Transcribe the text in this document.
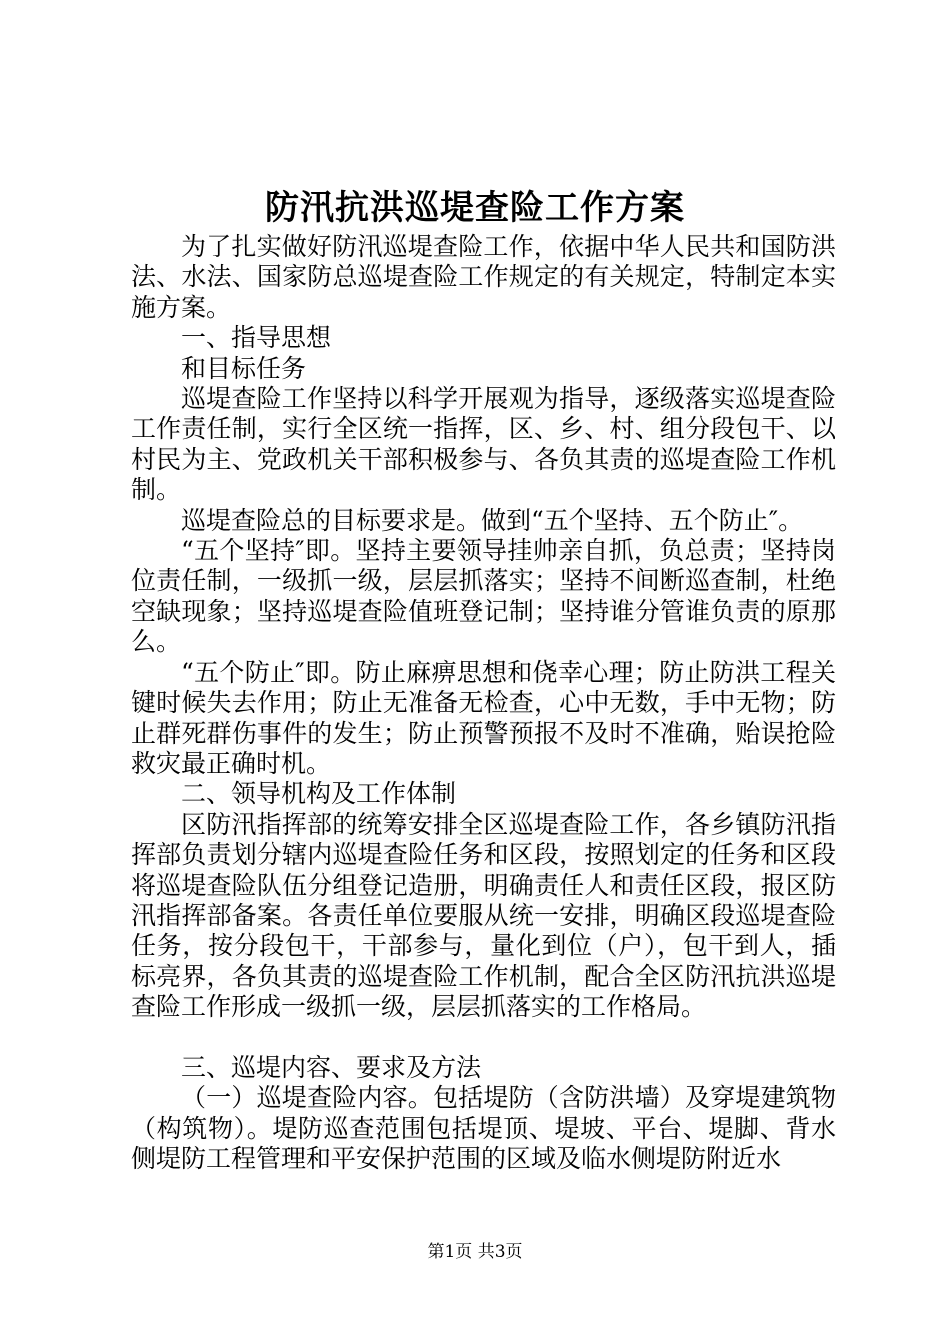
防汛抗洪巡堤查险工作方案

为了扎实做好防汛巡堤查险工作，依据中华人民共和国防洪法、水法、国家防总巡堤查险工作规定的有关规定，特制定本实施方案。

一、指导思想

和目标任务

巡堤查险工作坚持以科学开展观为指导，逐级落实巡堤查险工作责任制，实行全区统一指挥，区、乡、村、组分段包干、以村民为主、党政机关干部积极参与、各负其责的巡堤查险工作机制。

巡堤查险总的目标要求是。做到“五个坚持、五个防止″。

“五个坚持″即。坚持主要领导挂帅亲自抓，负总责；坚持岗位责任制，一级抓一级，层层抓落实；坚持不间断巡查制，杜绝空缺现象；坚持巡堤查险值班登记制；坚持谁分管谁负责的原那么。

“五个防止″即。防止麻痹思想和侥幸心理；防止防洪工程关键时候失去作用；防止无准备无检查，心中无数，手中无物；防止群死群伤事件的发生；防止预警预报不及时不准确，贻误抢险救灾最正确时机。

二、领导机构及工作体制

区防汛指挥部的统筹安排全区巡堤查险工作，各乡镇防汛指挥部负责划分辖内巡堤查险任务和区段，按照划定的任务和区段将巡堤查险队伍分组登记造册，明确责任人和责任区段，报区防汛指挥部备案。各责任单位要服从统一安排，明确区段巡堤查险任务，按分段包干，干部参与，量化到位（户），包干到人，插标亮界，各负其责的巡堤查险工作机制，配合全区防汛抗洪巡堤查险工作形成一级抓一级，层层抓落实的工作格局。

三、巡堤内容、要求及方法

（一）巡堤查险内容。包括堤防（含防洪墙）及穿堤建筑物（构筑物）。堤防巡查范围包括堤顶、堤坡、平台、堤脚、背水侧堤防工程管理和平安保护范围的区域及临水侧堤防附近水

第1页 共3页
